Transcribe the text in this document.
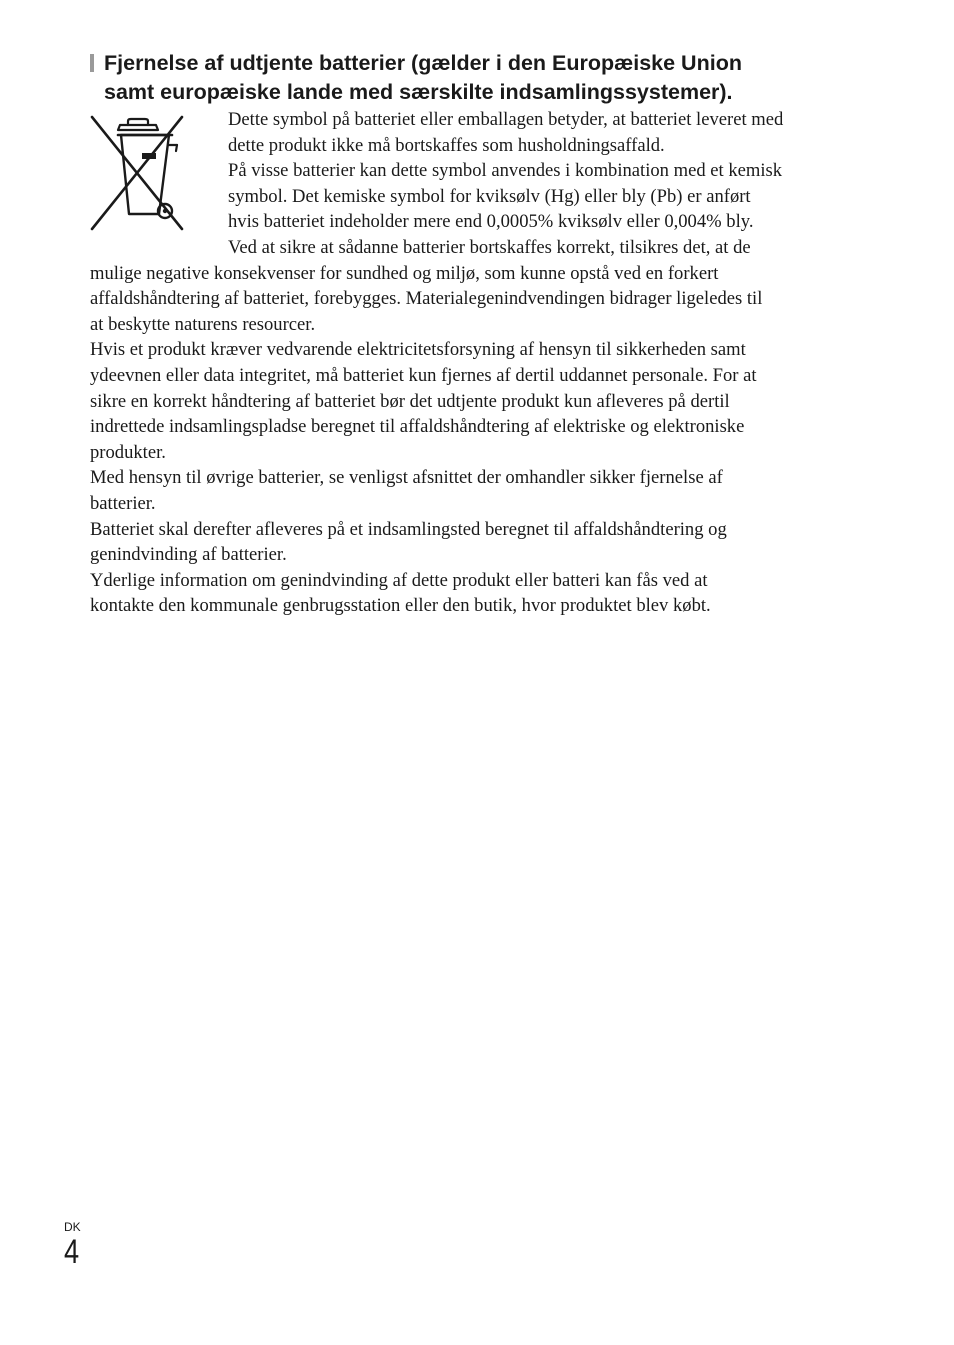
Fjernelse af udtjente batterier (gælder i den Europæiske Union
samt europæiske lande med særskilte indsamlingssystemer).

Dette symbol på batteriet eller emballagen betyder, at batteriet leveret med

dette produkt ikke må bortskaffes som husholdningsaffald.

På visse batterier kan dette symbol anvendes i kombination med et kemisk

symbol. Det kemiske symbol for kviksølv (Hg) eller bly (Pb) er anført

hvis batteriet indeholder mere end 0,0005% kviksølv eller 0,004% bly.

Ved at sikre at sådanne batterier bortskaffes korrekt, tilsikres det, at de

mulige negative konsekvenser for sundhed og miljø, som kunne opstå ved en forkert

affaldshåndtering af batteriet, forebygges. Materialegenindvendingen bidrager ligeledes til

at beskytte naturens resourcer.

Hvis et produkt kræver vedvarende elektricitetsforsyning af hensyn til sikkerheden samt

ydeevnen eller data integritet, må batteriet kun fjernes af dertil uddannet personale. For at

sikre en korrekt håndtering af batteriet bør det udtjente produkt kun afleveres på dertil

indrettede indsamlingspladse beregnet til affaldshåndtering af elektriske og elektroniske

produkter.

Med hensyn til øvrige batterier, se venligst afsnittet der omhandler sikker fjernelse af

batterier.

Batteriet skal derefter afleveres på et indsamlingsted beregnet til affaldshåndtering og

genindvinding af batterier.

Yderlige information om genindvinding af dette produkt eller batteri kan fås ved at

kontakte den kommunale genbrugsstation eller den butik, hvor produktet blev købt.

DK
4
